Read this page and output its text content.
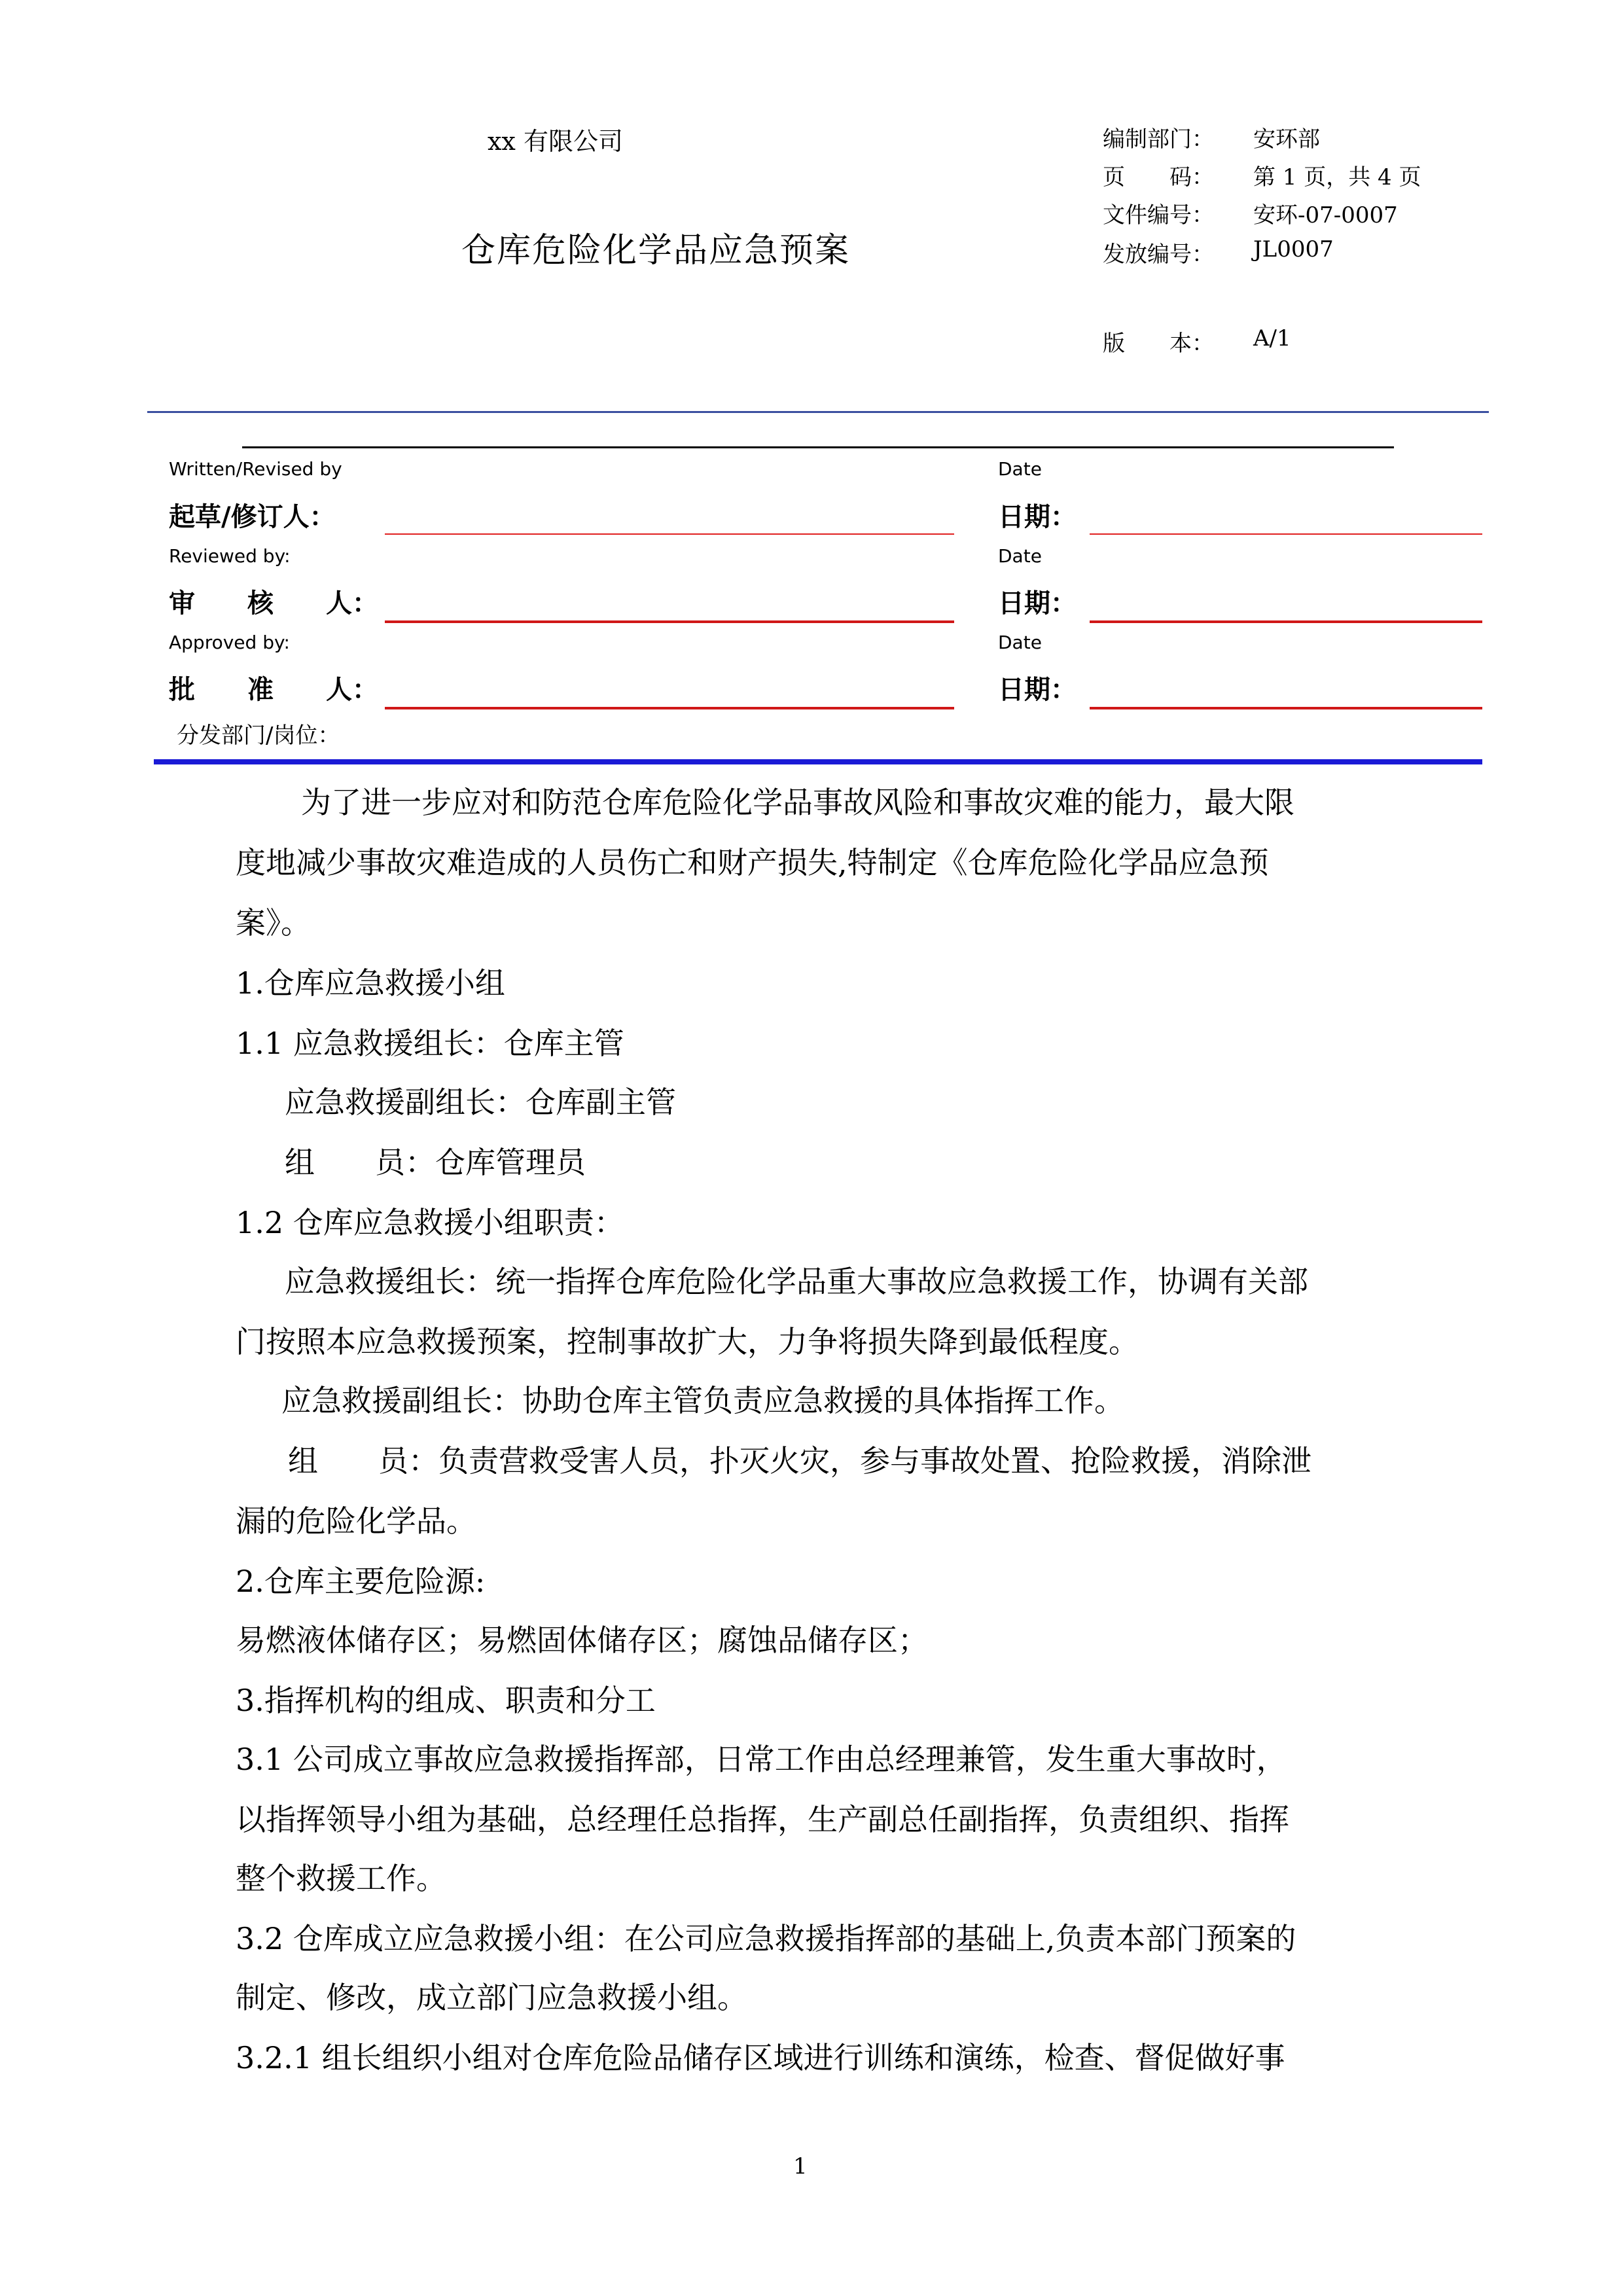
xx 有限公司
仓库危险化学品应急预案
编制部门： 安环部
页　　码： 第 1 页，共 4 页
文件编号： 安环-07-0007
发放编号： JL0007
版　　本： A/1
Written/Revised by	Date
起草/修订人：	日期：
Reviewed by:	Date
审　　核　　人：	日期：
Approved by:	Date
批　　准　　人：	日期：
分发部门/岗位：
为了进一步应对和防范仓库危险化学品事故风险和事故灾难的能力，最大限
度地减少事故灾难造成的人员伤亡和财产损失,特制定《仓库危险化学品应急预
案》。
1.仓库应急救援小组
1.1 应急救援组长：仓库主管
应急救援副组长：仓库副主管
组　　员：仓库管理员
1.2 仓库应急救援小组职责：
应急救援组长：统一指挥仓库危险化学品重大事故应急救援工作，协调有关部
门按照本应急救援预案，控制事故扩大，力争将损失降到最低程度。
应急救援副组长：协助仓库主管负责应急救援的具体指挥工作。
组　　员：负责营救受害人员，扑灭火灾，参与事故处置、抢险救援，消除泄
漏的危险化学品。
2.仓库主要危险源:
易燃液体储存区；易燃固体储存区；腐蚀品储存区；
3.指挥机构的组成、职责和分工
3.1 公司成立事故应急救援指挥部，日常工作由总经理兼管，发生重大事故时，
以指挥领导小组为基础，总经理任总指挥，生产副总任副指挥，负责组织、指挥
整个救援工作。
3.2 仓库成立应急救援小组：在公司应急救援指挥部的基础上,负责本部门预案的
制定、修改，成立部门应急救援小组。
3.2.1 组长组织小组对仓库危险品储存区域进行训练和演练，检查、督促做好事
1
